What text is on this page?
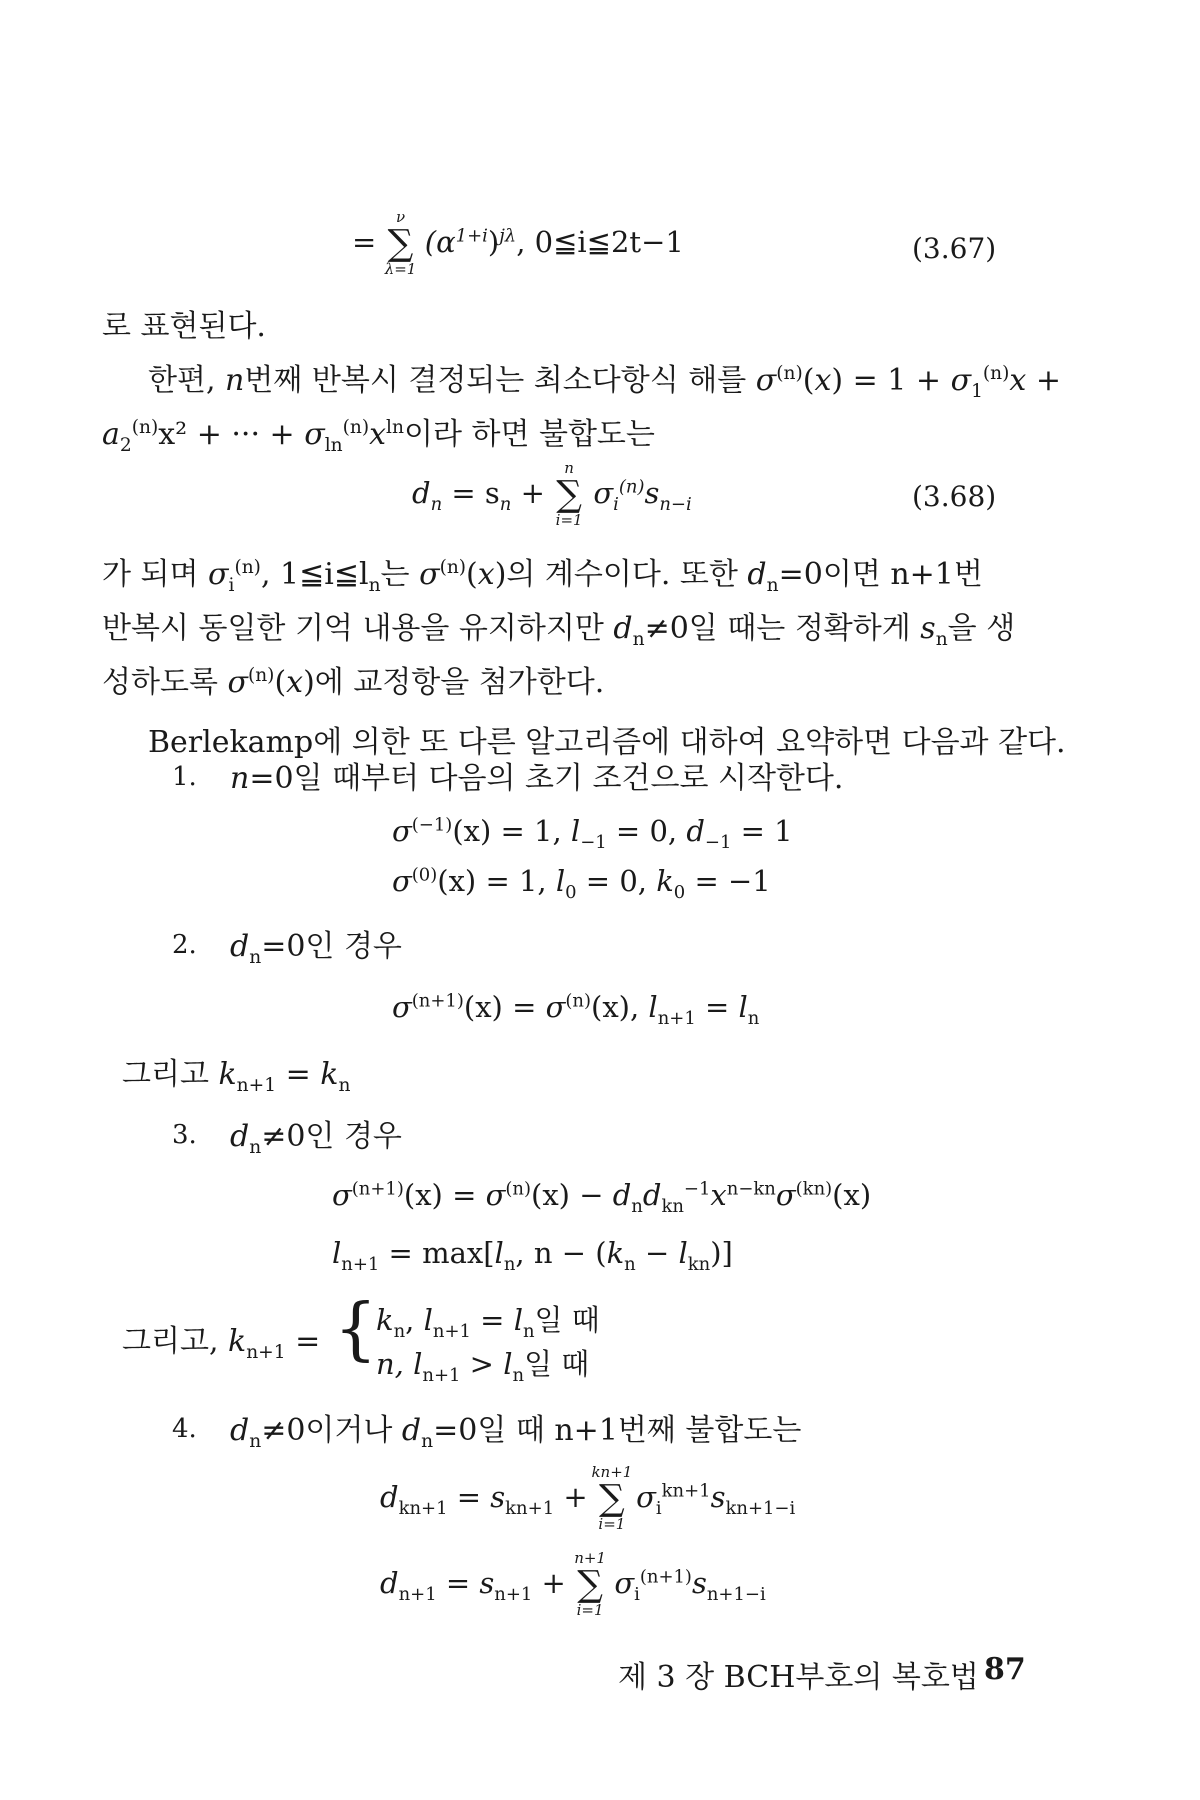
=
ν
∑
λ=1
$(\alpha^{1+i})^{j\lambda}$, 0≦i≦2t−1	(3.67)
로 표현된다.
한편, n번째 반복시 결정되는 최소다항식 해를 $\sigma^{(n)}(x) = 1 + \sigma_1^{(n)}x$ +
$a_2^{(n)}x^2$ + ··· + $\sigma_{ln}^{(n)}x^{ln}$이라 하면 불합도는
$d_n = s_n$ +
n
∑
i=1
$\sigma_i^{(n)}s_{n-i}$	(3.68)
가 되며 $\sigma_i^{(n)}$, $1≦i≦l_n$는 $\sigma^{(n)}(x)$의 계수이다. 또한 $d_n=0$이면 n+1번
반복시 동일한 기억 내용을 유지하지만 $d_n\ne 0$일 때는 정확하게 $s_n$을 생
성하도록 $\sigma^{(n)}(x)$에 교정항을 첨가한다.
Berlekamp에 의한 또 다른 알고리즘에 대하여 요약하면 다음과 같다.
1. n=0일 때부터 다음의 초기 조건으로 시작한다.
$\sigma^{(-1)}(x) = 1$, $l_{-1} = 0$, $d_{-1} = 1$
$\sigma^{(0)}(x) = 1$, $l_0 = 0$, $k_0 = -1$
2. $d_n=0$인 경우
$\sigma^{(n+1)}(x) = \sigma^{(n)}(x)$, $l_{n+1} = l_n$
그리고 $k_{n+1} = k_n$
3. $d_n\ne 0$인 경우
$\sigma^{(n+1)}(x) = \sigma^{(n)}(x) - d_nd_{kn}^{-1}x^{n-kn}\sigma^{(kn)}(x)$
$l_{n+1} = \max[l_n$, $n - (k_n - l_{kn})$]
그리고, $k_{n+1}$ = {
$k_n$, $l_{n+1} = l_n$일 때
n, $l_{n+1} > l_n$일 때
4. $d_n\ne 0$이거나 $d_n=0$일 때 n+1번째 불합도는
$d_{kn+1} = s_{kn+1}$ +
kn+1
∑
i=1
$\sigma_i^{kn+1}s_{kn+1-i}$
$d_{n+1} = s_{n+1}$ +
n+1
∑
i=1
$\sigma_i^{(n+1)}s_{n+1-i}$
제 3 장 BCH부호의 복호법 87
